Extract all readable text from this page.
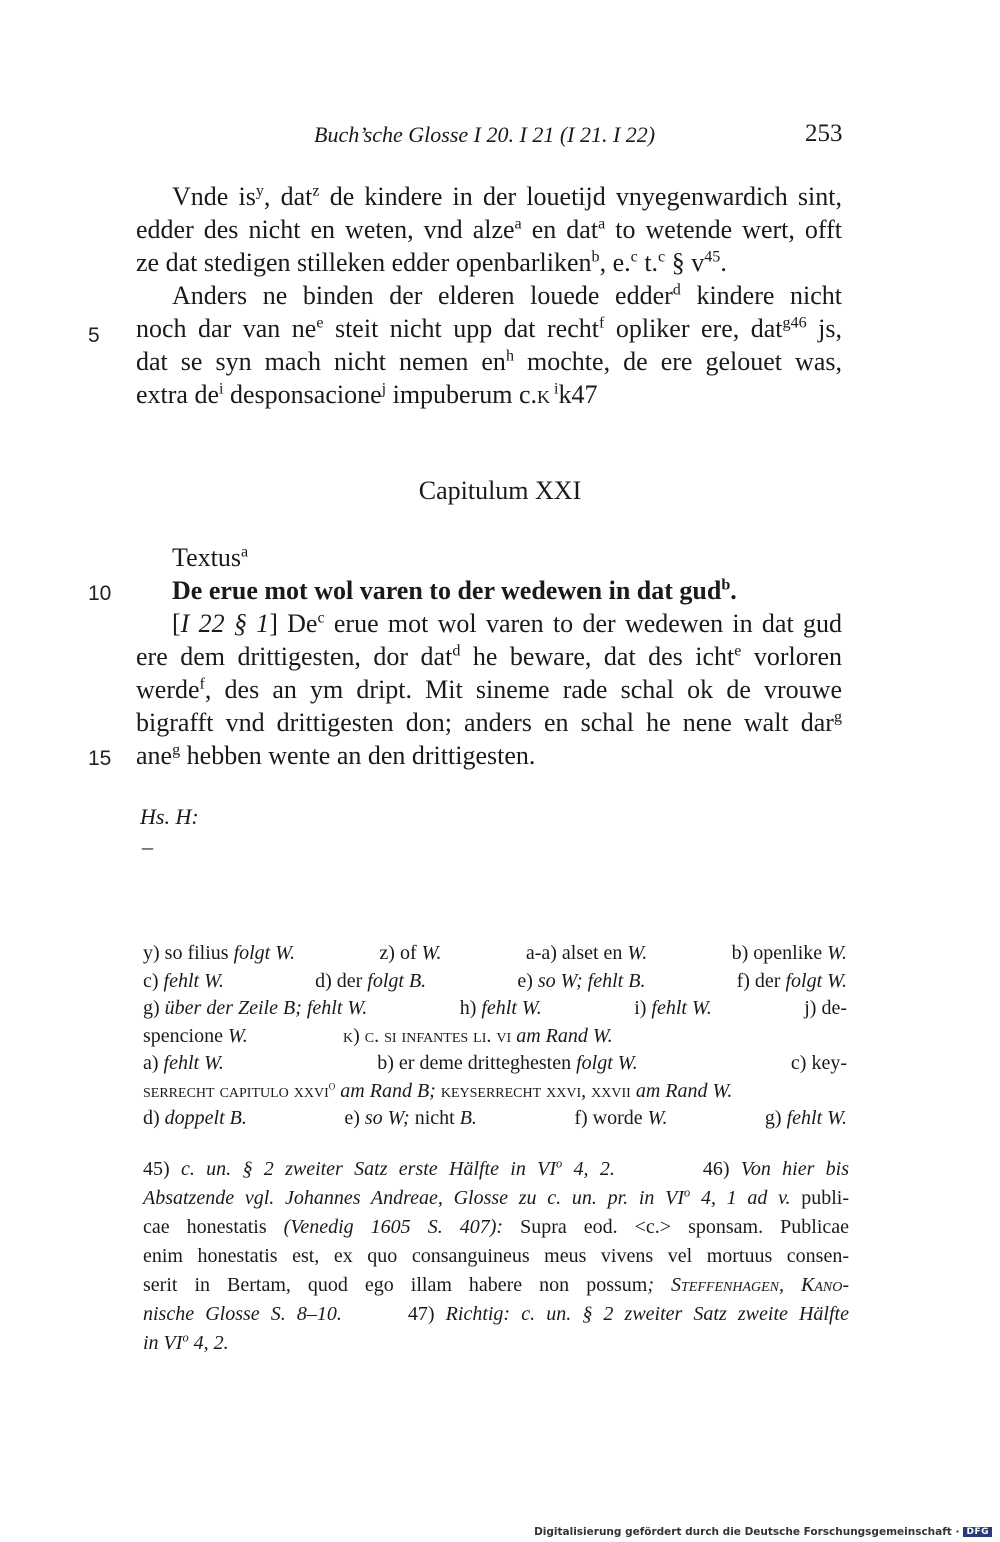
Buch’sche Glosse I 20. I 21 (I 21. I 22)	253
Vnde $is^y$, dat$^z$ de kindere in der louetijd vnyegenwardich sint,
edder des nicht en weten, vnd alze$^a$ en dat$^a$ to wetende wert, offt
ze dat stedigen stilleken edder openbarliken$^b$, e.$^c$ t.$^c$ § $v^{45}$.
Anders ne binden der elderen louede edder$^d$ kindere nicht
noch dar van $ne^e$ steit nicht upp dat recht$^f$ opliker ere, dat$^{g46}$ js,
dat se syn mach nicht nemen $en^h$ mochte, de ere gelouet was,
extra $de^i$ desponsacione$^j$ impuberum c.k $^i$k47
5
Capitulum XXI
Textus$^a$
De erue mot wol varen to der wedewen in dat gud$^b$.
[I 22 § 1] De$^c$ erue mot wol varen to der wedewen in dat gud
ere dem drittigesten, dor dat$^d$ he beware, dat des icht$^e$ vorloren
werde$^f$, des an ym dript. Mit sineme rade schal ok de vrouwe
bigrafft vnd drittigesten don; anders en schal he nene walt dar$^g$
ane$^g$ hebben wente an den drittigesten.
10
15
Hs. H:
–
y) so filius folgt W.	z) of W.	a-a) alset en W.	b) openlike W.
c) fehlt W.	d) der folgt B.	e) so W; fehlt B.	f) der folgt W.
g) über der Zeile B; fehlt W.	h) fehlt W.	i) fehlt W.	j) de-
spencione W.	k) c. si infantes li. vi am Rand W.
a) fehlt W.	b) er deme dritteghesten folgt W.	c) key-
serrecht capitulo xxvi$^o$ am Rand B; keyserrecht xxvi, xxvii am Rand W.
d) doppelt B.	e) so W; nicht B.	f) worde W.	g) fehlt W.
45) c. un. § 2 zweiter Satz erste Hälfte in $VI^o$ 4, 2.	46) Von hier bis
Absatzende vgl. Johannes Andreae, Glosse zu c. un. pr. in $VI^o$ 4, 1 ad v. publi-
cae honestatis (Venedig 1605 S. 407): Supra eod. <c.> sponsam. Publicae
enim honestatis est, ex quo consanguineus meus vivens vel mortuus consen-
serit in Bertam, quod ego illam habere non possum; Steffenhagen, Kano-
nische Glosse S. 8–10.	47) Richtig: c. un. § 2 zweiter Satz zweite Hälfte
in $VI^o$ 4, 2.
Digitalisierung gefördert durch die Deutsche Forschungsgemeinschaft · DFG
